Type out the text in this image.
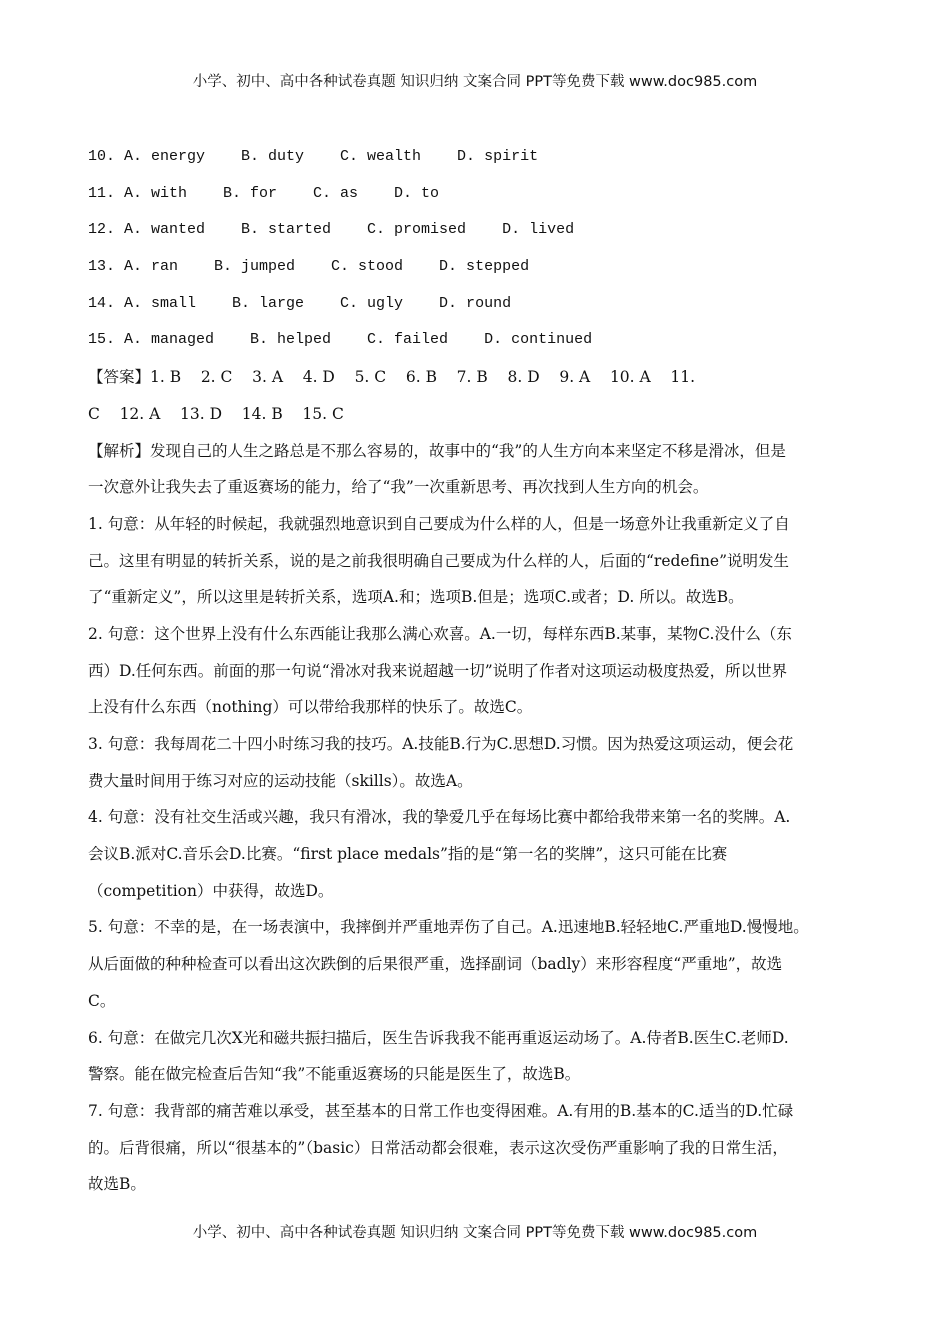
小学、初中、高中各种试卷真题 知识归纳 文案合同 PPT等免费下载 www.doc985.com
10. A. energy    B. duty    C. wealth    D. spirit
11. A. with    B. for    C. as    D. to
12. A. wanted    B. started    C. promised    D. lived
13. A. ran    B. jumped    C. stood    D. stepped
14. A. small    B. large    C. ugly    D. round
15. A. managed    B. helped    C. failed    D. continued
【答案】1. B    2. C    3. A    4. D    5. C    6. B    7. B    8. D    9. A    10. A    11.
C    12. A    13. D    14. B    15. C
【解析】发现自己的人生之路总是不那么容易的，故事中的“我”的人生方向本来坚定不移是滑冰，但是
一次意外让我失去了重返赛场的能力，给了“我”一次重新思考、再次找到人生方向的机会。
1. 句意：从年轻的时候起，我就强烈地意识到自己要成为什么样的人，但是一场意外让我重新定义了自
己。这里有明显的转折关系，说的是之前我很明确自己要成为什么样的人，后面的“redefine”说明发生
了“重新定义”，所以这里是转折关系，选项A.和；选项B.但是；选项C.或者；D. 所以。故选B。
2. 句意：这个世界上没有什么东西能让我那么满心欢喜。A.一切，每样东西B.某事，某物C.没什么（东
西）D.任何东西。前面的那一句说“滑冰对我来说超越一切”说明了作者对这项运动极度热爱，所以世界
上没有什么东西（nothing）可以带给我那样的快乐了。故选C。
3. 句意：我每周花二十四小时练习我的技巧。A.技能B.行为C.思想D.习惯。因为热爱这项运动，便会花
费大量时间用于练习对应的运动技能（skills）。故选A。
4. 句意：没有社交生活或兴趣，我只有滑冰，我的挚爱几乎在每场比赛中都给我带来第一名的奖牌。A.
会议B.派对C.音乐会D.比赛。“first place medals”指的是“第一名的奖牌”，这只可能在比赛
（competition）中获得，故选D。
5. 句意：不幸的是，在一场表演中，我摔倒并严重地弄伤了自己。A.迅速地B.轻轻地C.严重地D.慢慢地。
从后面做的种种检查可以看出这次跌倒的后果很严重，选择副词（badly）来形容程度“严重地”，故选
C。
6. 句意：在做完几次X光和磁共振扫描后，医生告诉我我不能再重返运动场了。A.侍者B.医生C.老师D.
警察。能在做完检查后告知“我”不能重返赛场的只能是医生了，故选B。
7. 句意：我背部的痛苦难以承受，甚至基本的日常工作也变得困难。A.有用的B.基本的C.适当的D.忙碌
的。后背很痛，所以“很基本的”（basic）日常活动都会很难，表示这次受伤严重影响了我的日常生活，
故选B。
小学、初中、高中各种试卷真题 知识归纳 文案合同 PPT等免费下载 www.doc985.com
